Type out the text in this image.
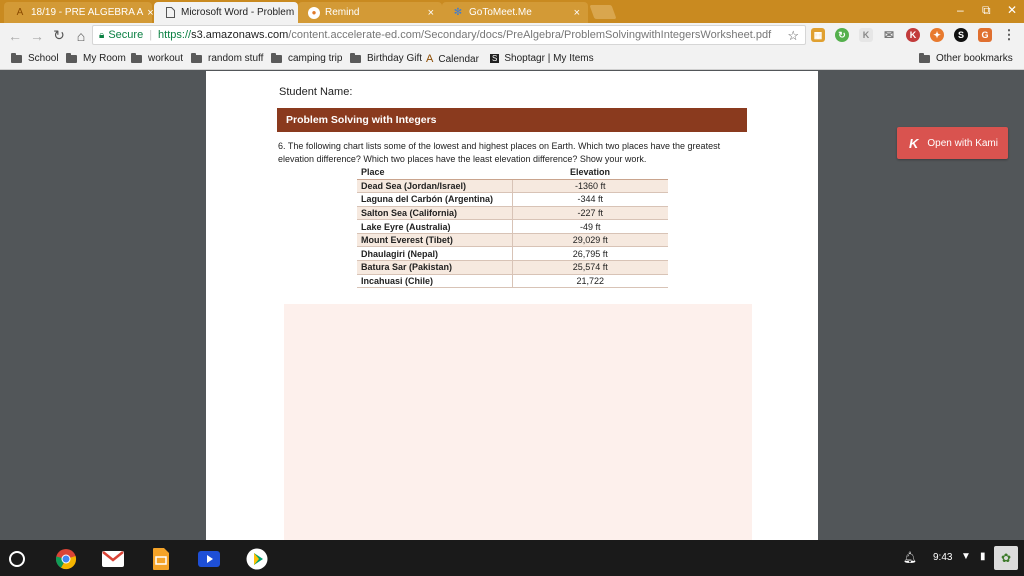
A 18/19 - PRE ALGEBRA A ×	Microsoft Word - Problem	● Remind	× ✻ GoToMeet.Me	×	– ⧉ ✕
← → ↻ ⌂	🔒︎ Secure | https:// s3.amazonaws.com /content.accelerate-ed.com/Secondary/docs/PreAlgebra/ProblemSolvingwithIntegersWorksheet.pdf ☆	▦	↻	K	✉	K	✦	S	G ⋮
School My Room workout random stuff camping trip Birthday Gift A Calendar S Shoptagr | My Items	Other bookmarks
Student Name:
Problem Solving with Integers
6. The following chart lists some of the lowest and highest places on Earth. Which two places have the greatest elevation difference? Which two places have the least elevation difference? Show your work.
Place	Elevation
Dead Sea (Jordan/Israel)	-1360 ft
Laguna del Carbón (Argentina)	-344 ft
Salton Sea (California)	-227 ft
Lake Eyre (Australia)	-49 ft
Mount Everest (Tibet)	29,029 ft
Dhaulagiri (Nepal)	26,795 ft
Batura Sar (Pakistan)	25,574 ft
Incahuasi (Chile)	21,722
K Open with Kami
🔔︎ 9:43 ▼ ▮	✿
